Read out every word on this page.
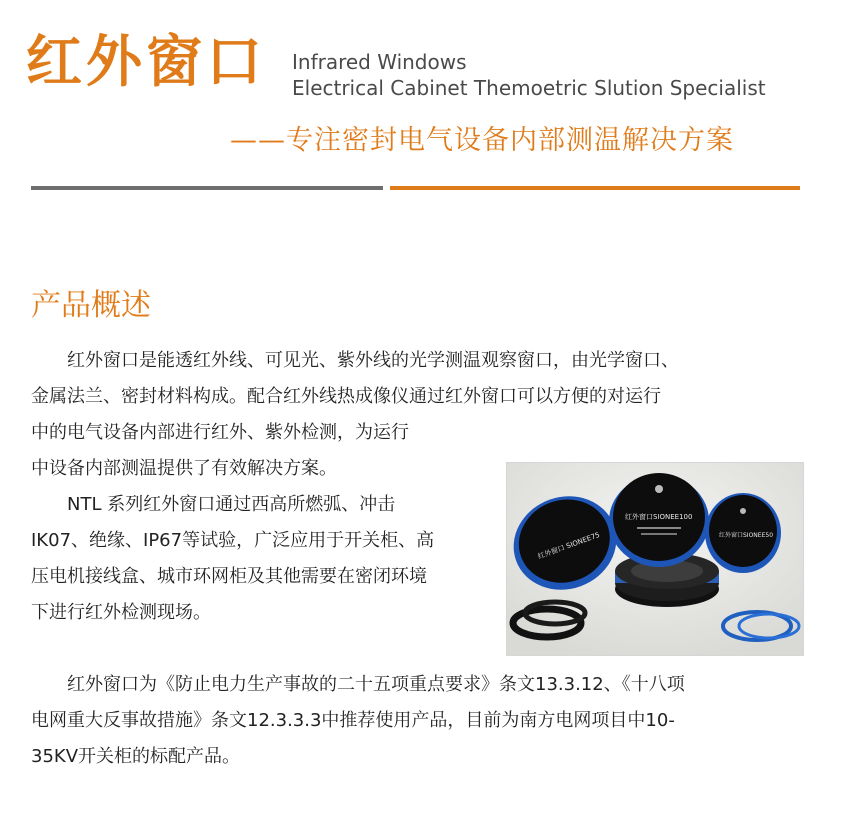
红外窗口 Infrared Windows
Electrical Cabinet Themoetric Slution Specialist
——专注密封电气设备内部测温解决方案
产品概述
红外窗口是能透红外线、可见光、紫外线的光学测温观察窗口，由光学窗口、
金属法兰、密封材料构成。配合红外线热成像仪通过红外窗口可以方便的对运行
中的电气设备内部进行红外、紫外检测，为运行
中设备内部测温提供了有效解决方案。
NTL 系列红外窗口通过西高所燃弧、冲击
IK07、绝缘、IP67等试验，广泛应用于开关柜、高
压电机接线盒、城市环网柜及其他需要在密闭环境
下进行红外检测现场。
红外窗口为《防止电力生产事故的二十五项重点要求》条文13.3.12、《十八项
电网重大反事故措施》条文12.3.3.3中推荐使用产品，目前为南方电网项目中10-
35KV开关柜的标配产品。
红外窗口 SIONEE75	红外窗口SIONEE50
红外窗口SIONEE100
